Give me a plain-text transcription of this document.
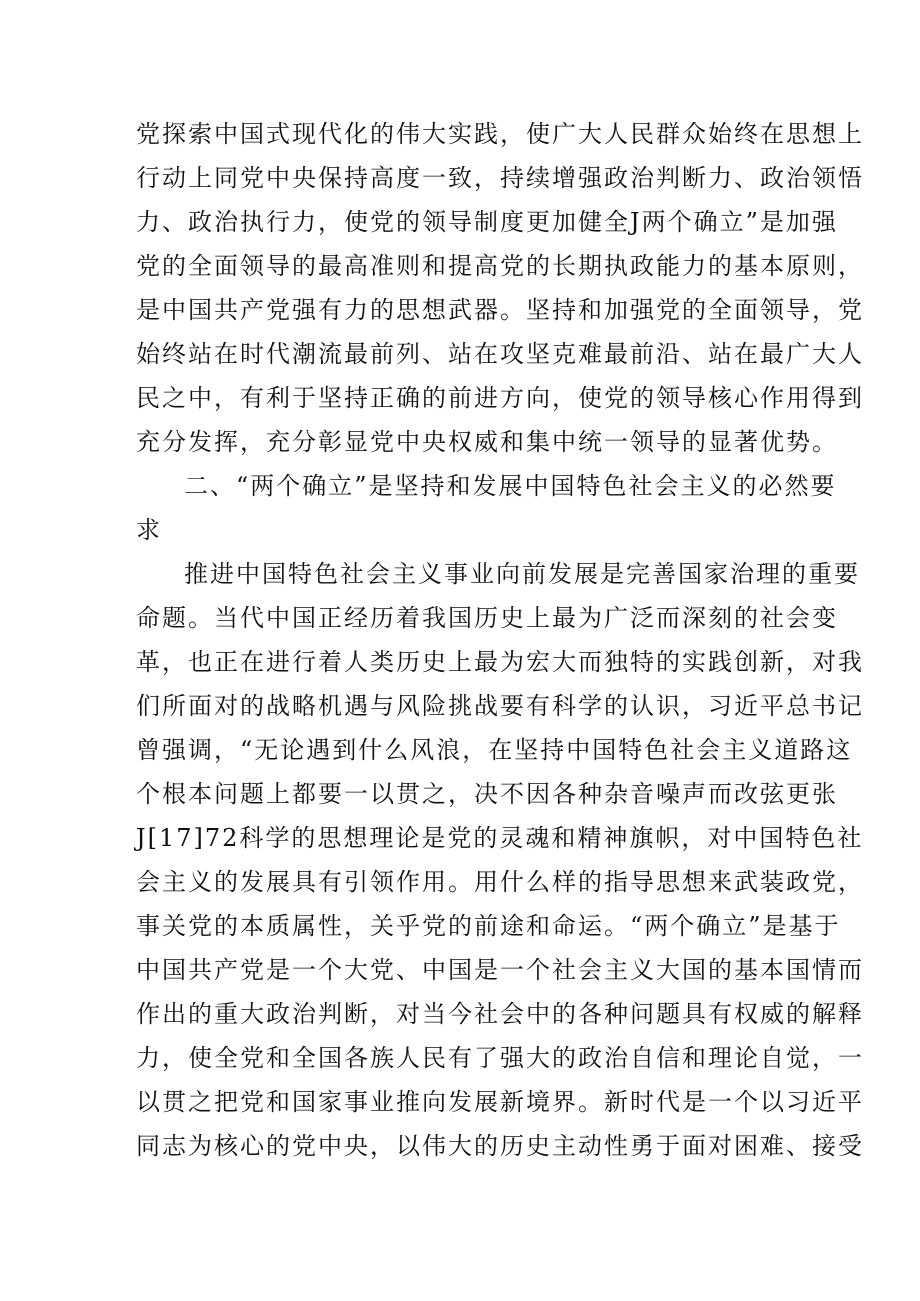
党探索中国式现代化的伟大实践，使广大人民群众始终在思想上
行动上同党中央保持高度一致，持续增强政治判断力、政治领悟
力、政治执行力，使党的领导制度更加健全J两个确立”是加强
党的全面领导的最高准则和提高党的长期执政能力的基本原则，
是中国共产党强有力的思想武器。坚持和加强党的全面领导，党
始终站在时代潮流最前列、站在攻坚克难最前沿、站在最广大人
民之中，有利于坚持正确的前进方向，使党的领导核心作用得到
充分发挥，充分彰显党中央权威和集中统一领导的显著优势。
二、“两个确立”是坚持和发展中国特色社会主义的必然要
求
推进中国特色社会主义事业向前发展是完善国家治理的重要
命题。当代中国正经历着我国历史上最为广泛而深刻的社会变
革，也正在进行着人类历史上最为宏大而独特的实践创新，对我
们所面对的战略机遇与风险挑战要有科学的认识，习近平总书记
曾强调，“无论遇到什么风浪，在坚持中国特色社会主义道路这
个根本问题上都要一以贯之，决不因各种杂音噪声而改弦更张
J[17]72科学的思想理论是党的灵魂和精神旗帜，对中国特色社
会主义的发展具有引领作用。用什么样的指导思想来武装政党，
事关党的本质属性，关乎党的前途和命运。“两个确立”是基于
中国共产党是一个大党、中国是一个社会主义大国的基本国情而
作出的重大政治判断，对当今社会中的各种问题具有权威的解释
力，使全党和全国各族人民有了强大的政治自信和理论自觉，一
以贯之把党和国家事业推向发展新境界。新时代是一个以习近平
同志为核心的党中央，以伟大的历史主动性勇于面对困难、接受
